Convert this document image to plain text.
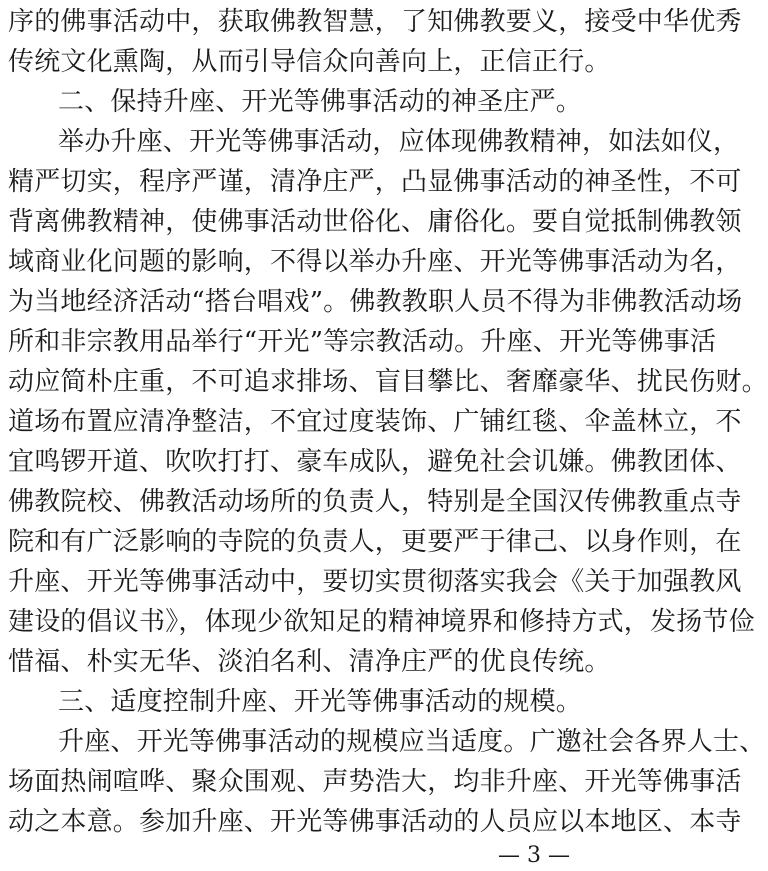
序的佛事活动中，获取佛教智慧，了知佛教要义，接受中华优秀
传统文化熏陶，从而引导信众向善向上，正信正行。
二、保持升座、开光等佛事活动的神圣庄严。
举办升座、开光等佛事活动，应体现佛教精神，如法如仪，
精严切实，程序严谨，清净庄严，凸显佛事活动的神圣性，不可
背离佛教精神，使佛事活动世俗化、庸俗化。要自觉抵制佛教领
域商业化问题的影响，不得以举办升座、开光等佛事活动为名，
为当地经济活动“搭台唱戏”。佛教教职人员不得为非佛教活动场
所和非宗教用品举行“开光”等宗教活动。升座、开光等佛事活
动应简朴庄重，不可追求排场、盲目攀比、奢靡豪华、扰民伤财。
道场布置应清净整洁，不宜过度装饰、广铺红毯、伞盖林立，不
宜鸣锣开道、吹吹打打、豪车成队，避免社会讥嫌。佛教团体、
佛教院校、佛教活动场所的负责人，特别是全国汉传佛教重点寺
院和有广泛影响的寺院的负责人，更要严于律己、以身作则，在
升座、开光等佛事活动中，要切实贯彻落实我会《关于加强教风
建设的倡议书》，体现少欲知足的精神境界和修持方式，发扬节俭
惜福、朴实无华、淡泊名利、清净庄严的优良传统。
三、适度控制升座、开光等佛事活动的规模。
升座、开光等佛事活动的规模应当适度。广邀社会各界人士、
场面热闹喧哗、聚众围观、声势浩大，均非升座、开光等佛事活
动之本意。参加升座、开光等佛事活动的人员应以本地区、本寺
— 3 —
